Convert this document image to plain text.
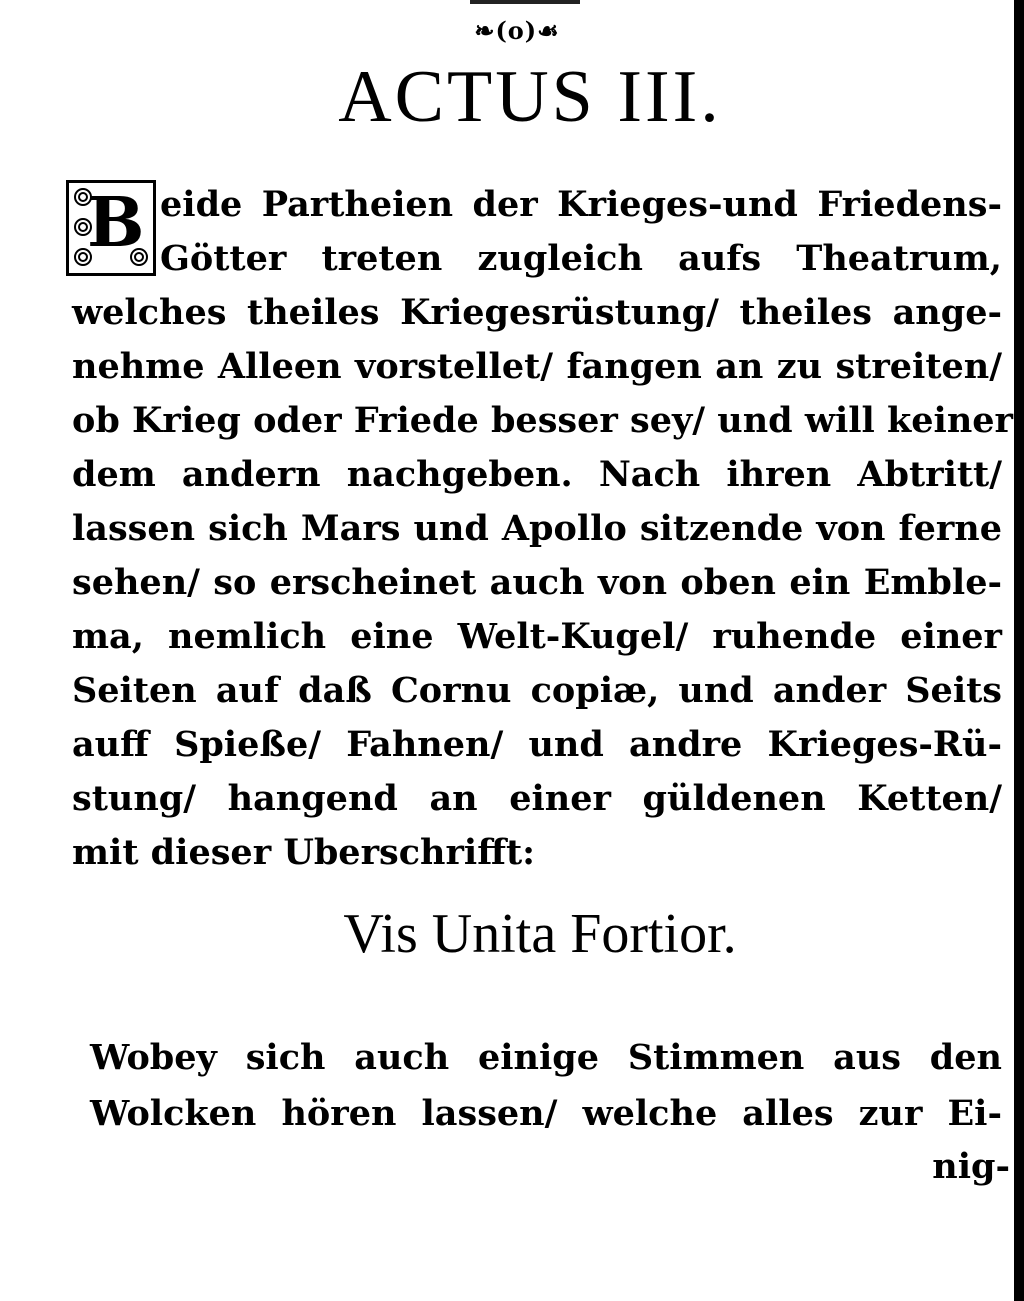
❧(o)☙
ACTUS III.
B eide Partheien der Krieges-und Friedens-
Götter treten zugleich aufs Theatrum,
welches theiles Kriegesrüstung/ theiles ange-
nehme Alleen vorstellet/ fangen an zu streiten/
ob Krieg oder Friede besser sey/ und will keiner
dem andern nachgeben. Nach ihren Abtritt/
lassen sich Mars und Apollo sitzende von ferne
sehen/ so erscheinet auch von oben ein Emble-
ma, nemlich eine Welt-Kugel/ ruhende einer
Seiten auf daß Cornu copiæ, und ander Seits
auff Spieße/ Fahnen/ und andre Krieges-Rü-
stung/ hangend an einer güldenen Ketten/
mit dieser Uberschrifft:
Vis Unita Fortior.
Wobey sich auch einige Stimmen aus den
Wolcken hören lassen/ welche alles zur Ei-
nig-
